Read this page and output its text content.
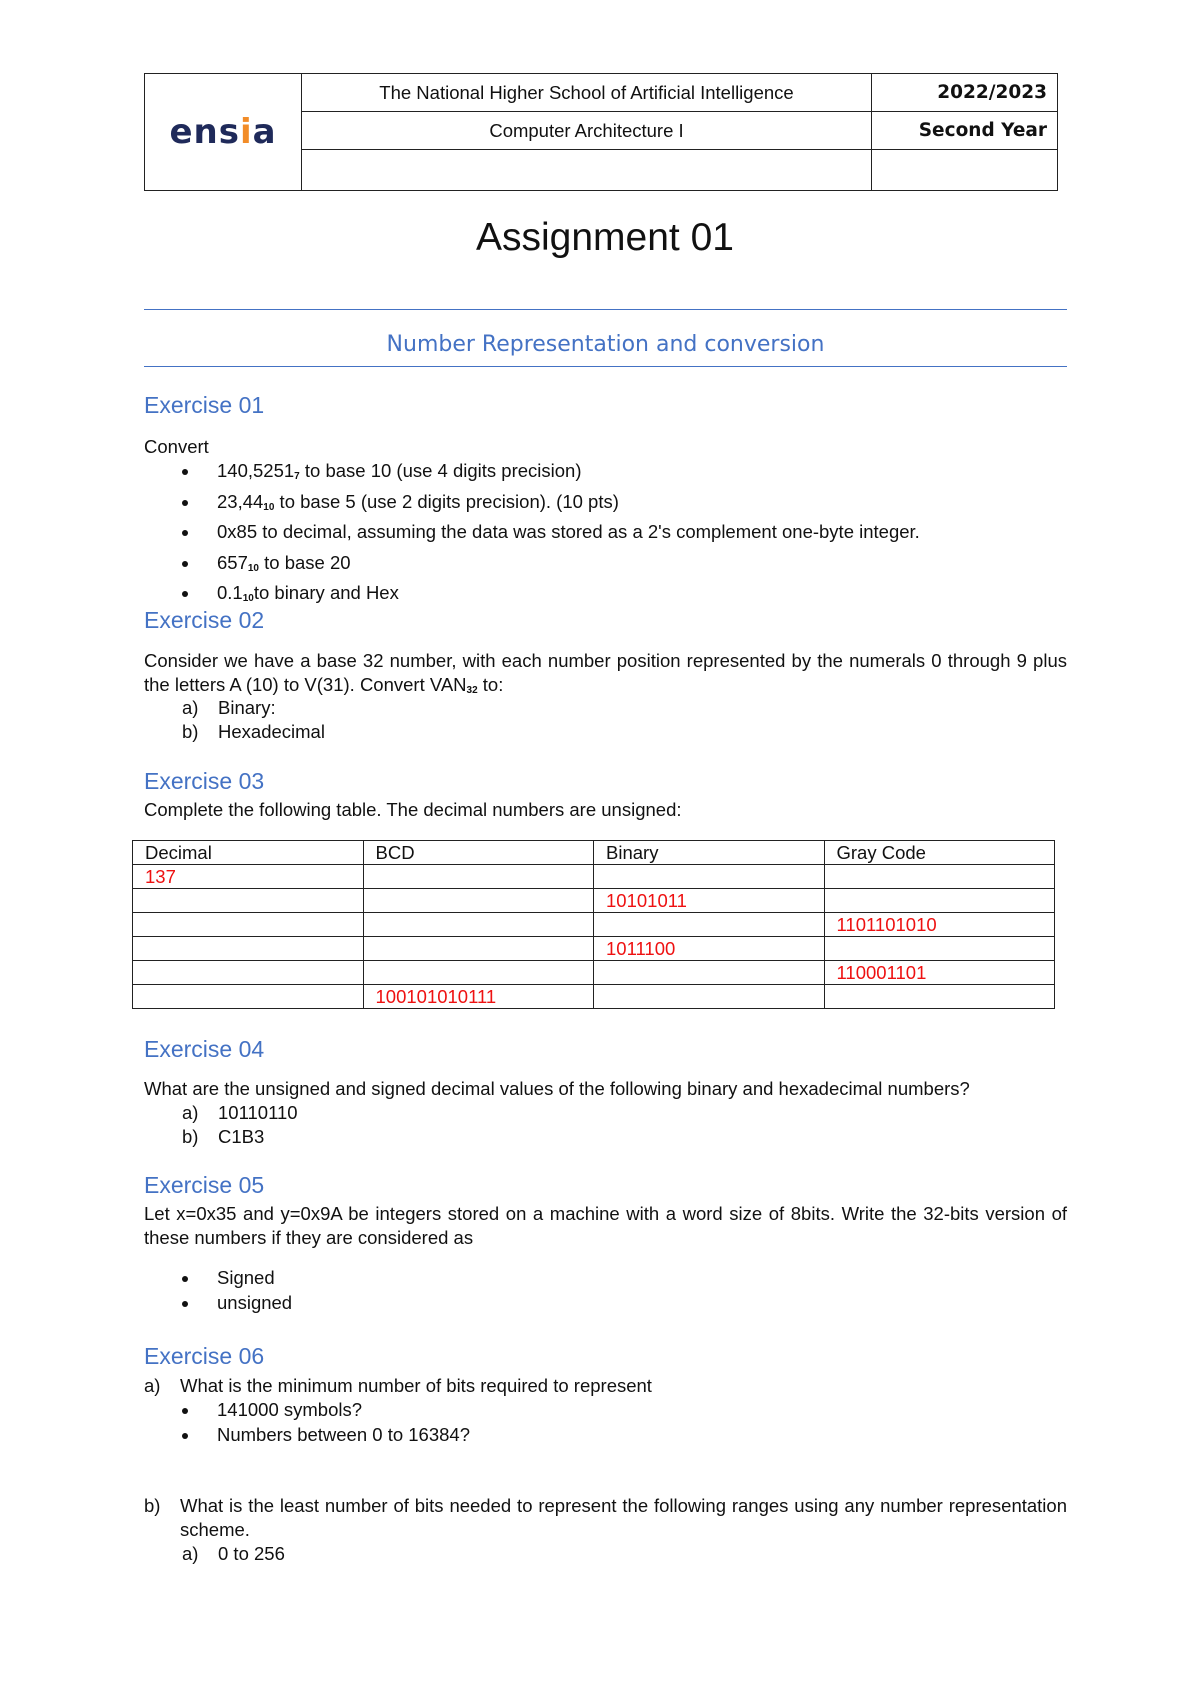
ensia	The National Higher School of Artificial Intelligence	2022/2023
	Computer Architecture I	Second Year

Assignment 01
Number Representation and conversion
Exercise 01
Convert
$140,5251_7$ to base 10 (use 4 digits precision)
$23,44_{10}$ to base 5 (use 2 digits precision). (10 pts)
0x85 to decimal, assuming the data was stored as a 2's complement one-byte integer.
$657_{10}$ to base 20
$0.1_{10}to$ binary and Hex
Exercise 02
Consider we have a base 32 number, with each number position represented by the numerals 0 through 9 plus the letters A (10) to V(31). Convert $VAN_{32}$ to:
a) Binary:
b) Hexadecimal
Exercise 03
Complete the following table. The decimal numbers are unsigned:
Decimal	BCD	Binary	Gray Code
137			
		10101011	
			1101101010
		1011100	
			110001101
	100101010111		
Exercise 04
What are the unsigned and signed decimal values of the following binary and hexadecimal numbers?
a) 10110110
b) C1B3
Exercise 05
Let x=0x35 and y=0x9A be integers stored on a machine with a word size of 8bits. Write the 32-bits version of these numbers if they are considered as
Signed
unsigned
Exercise 06
a) What is the minimum number of bits required to represent
141000 symbols?
Numbers between 0 to 16384?
b)	What is the least number of bits needed to represent the following ranges using any number representation scheme.
a) 0 to 256
